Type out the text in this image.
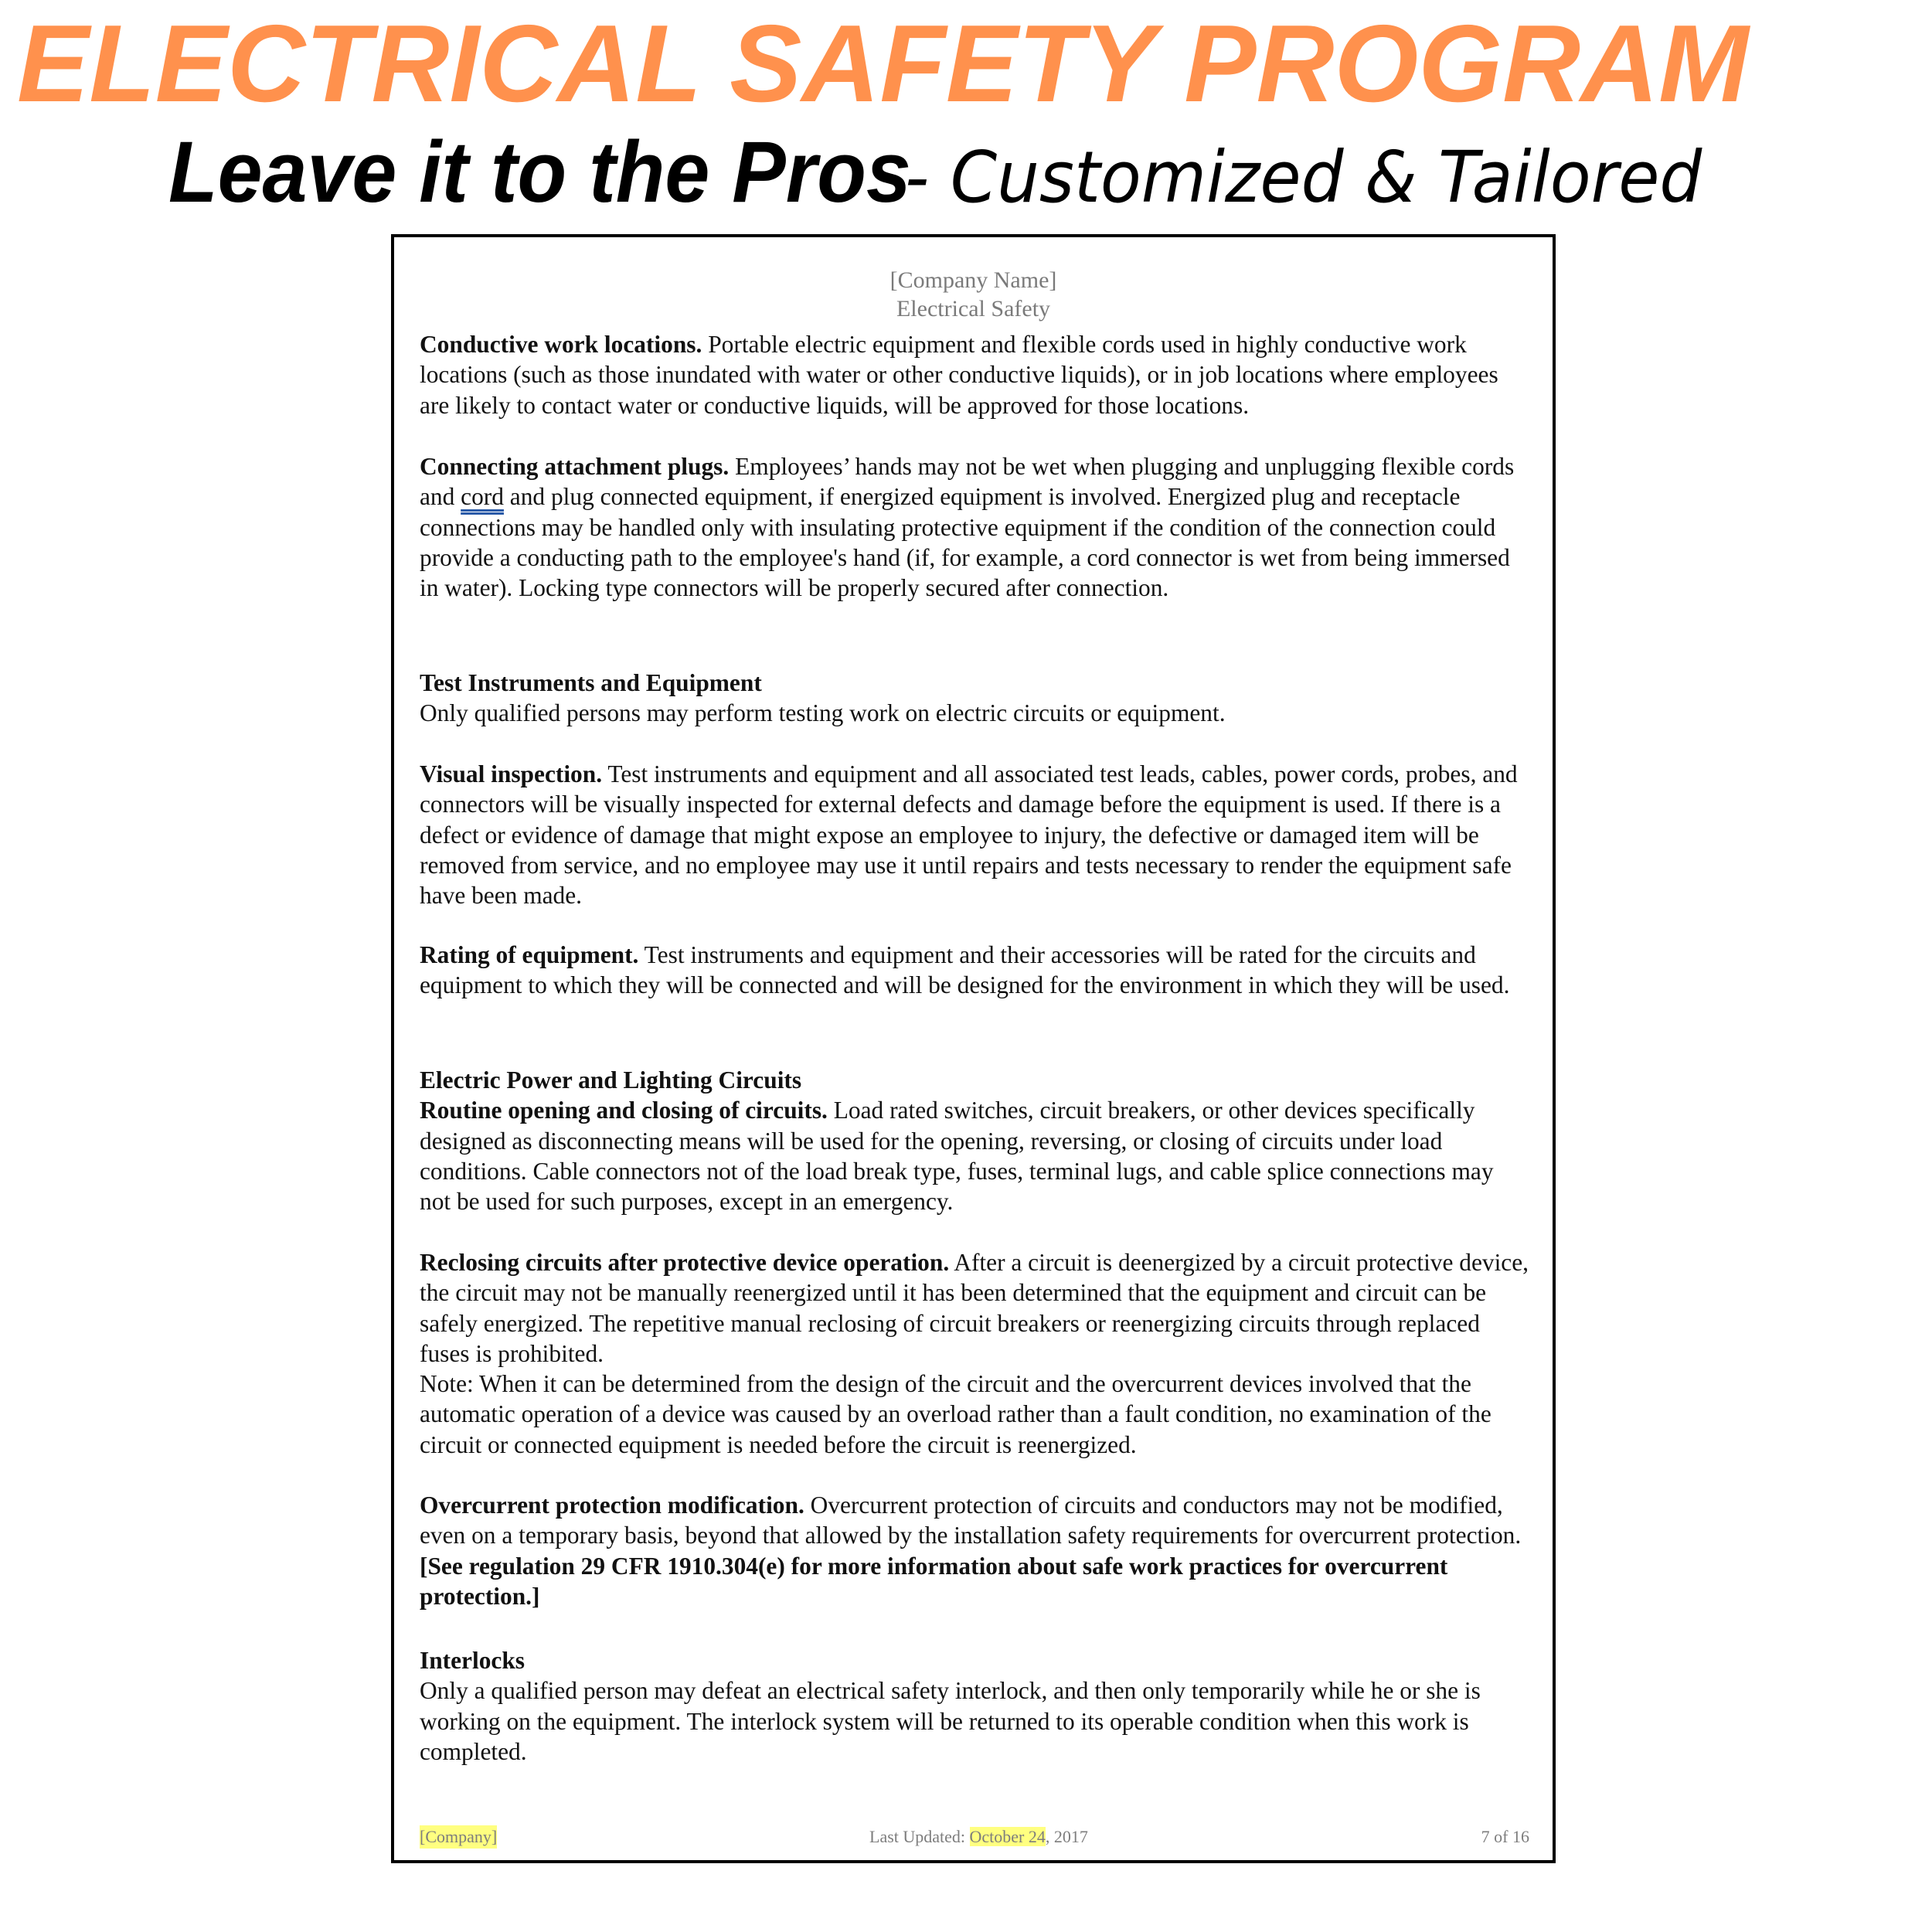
ELECTRICAL SAFETY PROGRAM
Leave it to the Pros- Customized & Tailored
[Company Name]
Electrical Safety
Conductive work locations. Portable electric equipment and flexible cords used in highly conductive work locations (such as those inundated with water or other conductive liquids), or in job locations where employees are likely to contact water or conductive liquids, will be approved for those locations.
Connecting attachment plugs. Employees’ hands may not be wet when plugging and unplugging flexible cords and cord and plug connected equipment, if energized equipment is involved. Energized plug and receptacle connections may be handled only with insulating protective equipment if the condition of the connection could provide a conducting path to the employee's hand (if, for example, a cord connector is wet from being immersed in water). Locking type connectors will be properly secured after connection.
Test Instruments and Equipment
Only qualified persons may perform testing work on electric circuits or equipment.
Visual inspection. Test instruments and equipment and all associated test leads, cables, power cords, probes, and connectors will be visually inspected for external defects and damage before the equipment is used. If there is a defect or evidence of damage that might expose an employee to injury, the defective or damaged item will be removed from service, and no employee may use it until repairs and tests necessary to render the equipment safe have been made.
Rating of equipment. Test instruments and equipment and their accessories will be rated for the circuits and equipment to which they will be connected and will be designed for the environment in which they will be used.
Electric Power and Lighting Circuits
Routine opening and closing of circuits. Load rated switches, circuit breakers, or other devices specifically designed as disconnecting means will be used for the opening, reversing, or closing of circuits under load conditions. Cable connectors not of the load break type, fuses, terminal lugs, and cable splice connections may not be used for such purposes, except in an emergency.
Reclosing circuits after protective device operation. After a circuit is deenergized by a circuit protective device, the circuit may not be manually reenergized until it has been determined that the equipment and circuit can be safely energized. The repetitive manual reclosing of circuit breakers or reenergizing circuits through replaced fuses is prohibited.
Note: When it can be determined from the design of the circuit and the overcurrent devices involved that the automatic operation of a device was caused by an overload rather than a fault condition, no examination of the circuit or connected equipment is needed before the circuit is reenergized.
Overcurrent protection modification. Overcurrent protection of circuits and conductors may not be modified, even on a temporary basis, beyond that allowed by the installation safety requirements for overcurrent protection. [See regulation 29 CFR 1910.304(e) for more information about safe work practices for overcurrent protection.]
Interlocks
Only a qualified person may defeat an electrical safety interlock, and then only temporarily while he or she is working on the equipment. The interlock system will be returned to its operable condition when this work is completed.
[Company]	Last Updated: October 24, 2017	7 of 16
